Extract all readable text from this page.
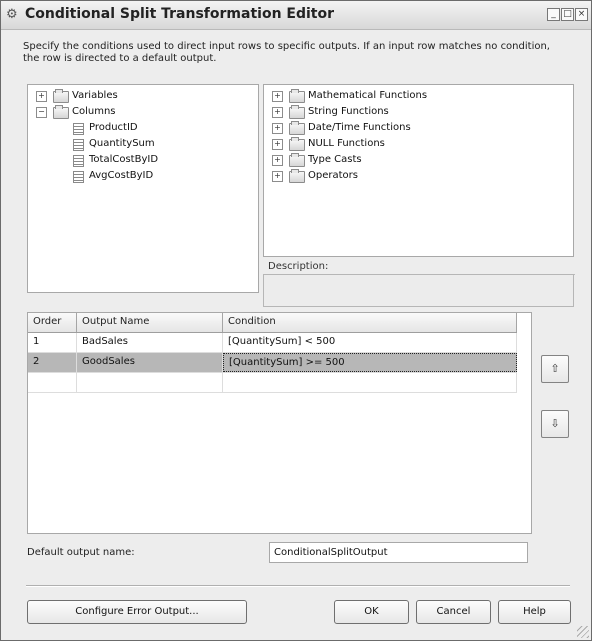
⚙ Conditional Split Transformation Editor	_ □ ×
Specify the conditions used to direct input rows to specific outputs. If an input row matches no condition, the row is directed to a default output.
+	Variables
−	Columns
ProductID
QuantitySum
TotalCostByID
AvgCostByID
+	Mathematical Functions
+	String Functions
+	Date/Time Functions
+	NULL Functions
+	Type Casts
+	Operators
Description:
Order	Output Name	Condition
1	BadSales	[QuantitySum] < 500
2	GoodSales	[QuantitySum] >= 500	⇧
⇩
Default output name:
ConditionalSplitOutput
Configure Error Output...	OK	Cancel	Help
